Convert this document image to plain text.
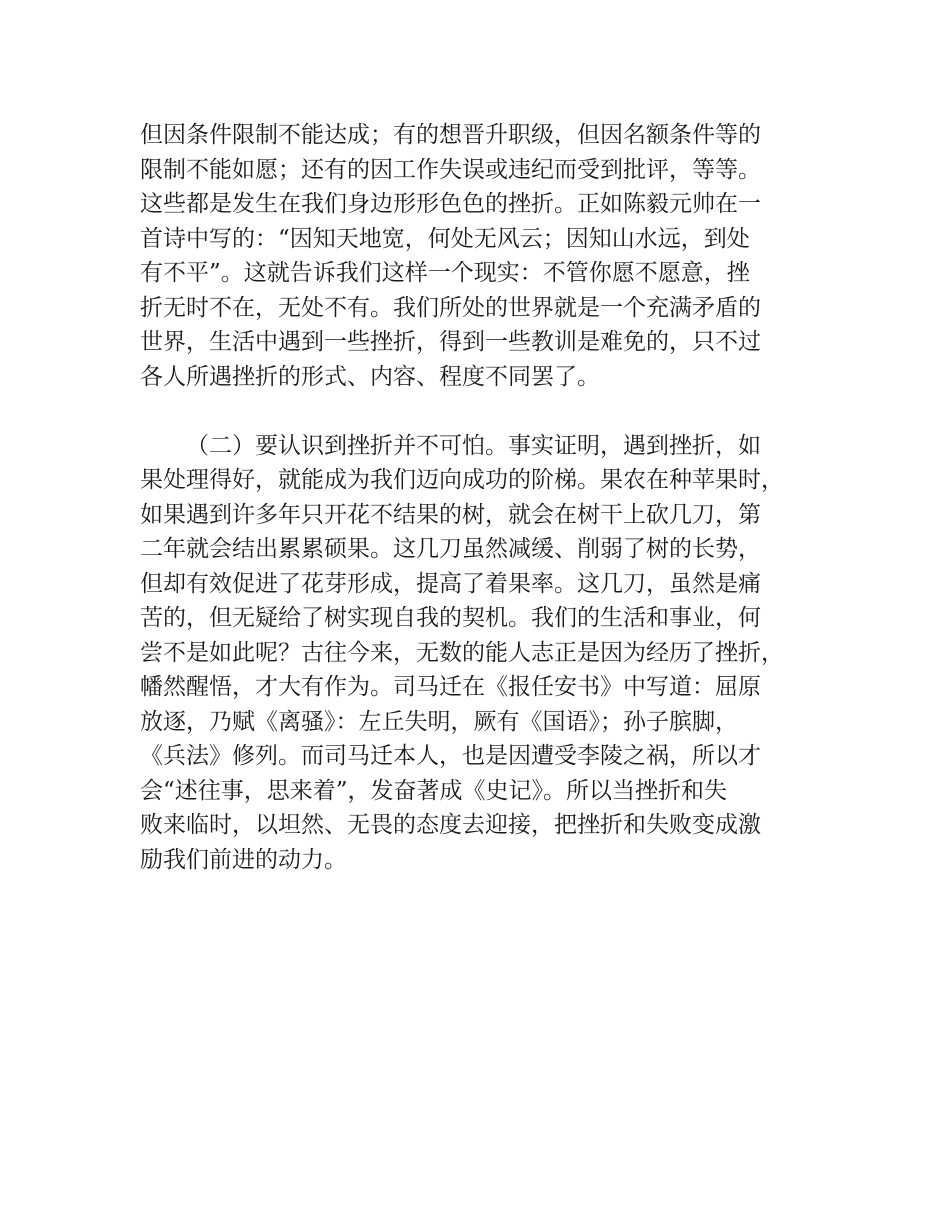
但因条件限制不能达成；有的想晋升职级，但因名额条件等的
限制不能如愿；还有的因工作失误或违纪而受到批评，等等。
这些都是发生在我们身边形形色色的挫折。正如陈毅元帅在一
首诗中写的：“因知天地宽，何处无风云；因知山水远，到处
有不平”。这就告诉我们这样一个现实：不管你愿不愿意，挫
折无时不在，无处不有。我们所处的世界就是一个充满矛盾的
世界，生活中遇到一些挫折，得到一些教训是难免的，只不过
各人所遇挫折的形式、内容、程度不同罢了。
（二）要认识到挫折并不可怕。事实证明，遇到挫折，如
果处理得好，就能成为我们迈向成功的阶梯。果农在种苹果时，
如果遇到许多年只开花不结果的树，就会在树干上砍几刀，第
二年就会结出累累硕果。这几刀虽然减缓、削弱了树的长势，
但却有效促进了花芽形成，提高了着果率。这几刀，虽然是痛
苦的，但无疑给了树实现自我的契机。我们的生活和事业，何
尝不是如此呢？古往今来，无数的能人志正是因为经历了挫折，
幡然醒悟，才大有作为。司马迁在《报任安书》中写道：屈原
放逐，乃赋《离骚》：左丘失明，厥有《国语》；孙子膑脚，
《兵法》修列。而司马迁本人，也是因遭受李陵之祸，所以才
会“述往事，思来着”，发奋著成《史记》。所以当挫折和失
败来临时，以坦然、无畏的态度去迎接，把挫折和失败变成激
励我们前进的动力。
